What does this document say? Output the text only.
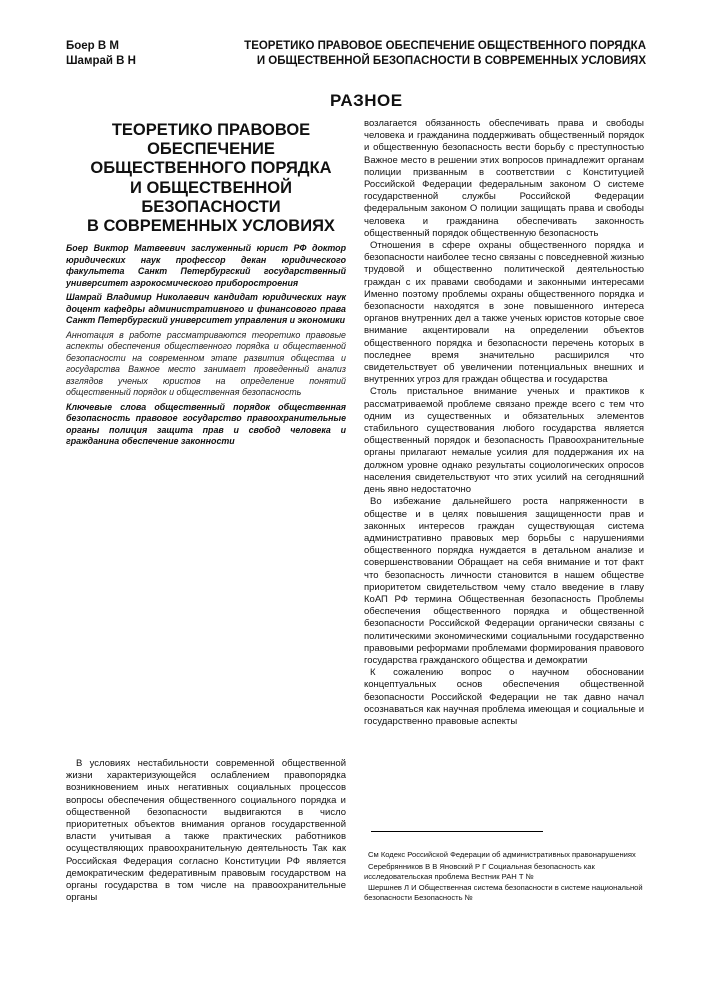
Боер В М
Шамрай В Н
ТЕОРЕТИКО ПРАВОВОЕ ОБЕСПЕЧЕНИЕ ОБЩЕСТВЕННОГО ПОРЯДКА
И ОБЩЕСТВЕННОЙ БЕЗОПАСНОСТИ В СОВРЕМЕННЫХ УСЛОВИЯХ
РАЗНОЕ
ТЕОРЕТИКО ПРАВОВОЕ
ОБЕСПЕЧЕНИЕ
ОБЩЕСТВЕННОГО ПОРЯДКА
И ОБЩЕСТВЕННОЙ
БЕЗОПАСНОСТИ
В СОВРЕМЕННЫХ УСЛОВИЯХ

Боер Виктор Матвеевич заслуженный юрист РФ доктор юридических наук профессор декан юридического факультета Санкт Петербургский государственный университет аэрокосмического приборостроения

Шамрай Владимир Николаевич кандидат юридических наук доцент кафедры административного и финансового права Санкт Петербургский университет управления и экономики

Аннотация в работе рассматриваются теоретико правовые аспекты обеспечения общественного порядка и общественной безопасности на современном этапе развития общества и государства Важное место занимает проведенный анализ взглядов ученых юристов на определение понятий общественный порядок и общественная безопасность

Ключевые слова общественный порядок общественная безопасность правовое государство правоохранительные органы полиция защита прав и свобод человека и гражданина обеспечение законности

В условиях нестабильности современной общественной жизни характеризующейся ослаблением правопорядка возникновением иных негативных социальных процессов вопросы обеспечения общественного социального порядка и общественной безопасности выдвигаются в число приоритетных объектов внимания органов государственной власти учитывая а также практических работников осуществляющих правоохранительную деятельность Так как Российская Федерация согласно Конституции РФ является демократическим федеративным правовым государством на органы государства в том числе на правоохранительные органы

возлагается обязанность обеспечивать права и свободы человека и гражданина поддерживать общественный порядок и общественную безопасность вести борьбу с преступностью Важное место в решении этих вопросов принадлежит органам полиции призванным в соответствии с Конституцией Российской Федерации федеральным законом О системе государственной службы Российской Федерации федеральным законом О полиции защищать права и свободы человека и гражданина обеспечивать законность общественный порядок общественную безопасность

Отношения в сфере охраны общественного порядка и безопасности наиболее тесно связаны с повседневной жизнью трудовой и общественно политической деятельностью граждан с их правами свободами и законными интересами Именно поэтому проблемы охраны общественного порядка и безопасности находятся в зоне повышенного интереса органов внутренних дел а также ученых юристов которые свое внимание акцентировали на определении объектов общественного порядка и безопасности перечень которых в последнее время значительно расширился что свидетельствует об увеличении потенциальных внешних и внутренних угроз для граждан общества и государства

Столь пристальное внимание ученых и практиков к рассматриваемой проблеме связано прежде всего с тем что одним из существенных и обязательных элементов стабильного существования любого государства является общественный порядок и безопасность Правоохранительные органы прилагают немалые усилия для поддержания их на должном уровне однако результаты социологических опросов населения свидетельствуют что этих усилий на сегодняшний день явно недостаточно

Во избежание дальнейшего роста напряженности в обществе и в целях повышения защищенности прав и законных интересов граждан существующая система административно правовых мер борьбы с нарушениями общественного порядка нуждается в детальном анализе и совершенствовании Обращает на себя внимание и тот факт что безопасность личности становится в нашем обществе приоритетом свидетельством чему стало введение в главу КоАП РФ термина Общественная безопасность Проблемы обеспечения общественного порядка и общественной безопасности Российской Федерации органически связаны с политическими экономическими социальными государственно правовыми реформами проблемами формирования правового государства гражданского общества и демократии

К сожалению вопрос о научном обосновании концептуальных основ обеспечения общественной безопасности Российской Федерации не так давно начал осознаваться как научная проблема имеющая и социальные и государственно правовые аспекты

См Кодекс Российской Федерации об административных правонарушениях

Серебрянников В В Яновский Р Г Социальная безопасность как исследовательская проблема Вестник РАН Т №

Шершнев Л И Общественная система безопасности в системе национальной безопасности Безопасность №
